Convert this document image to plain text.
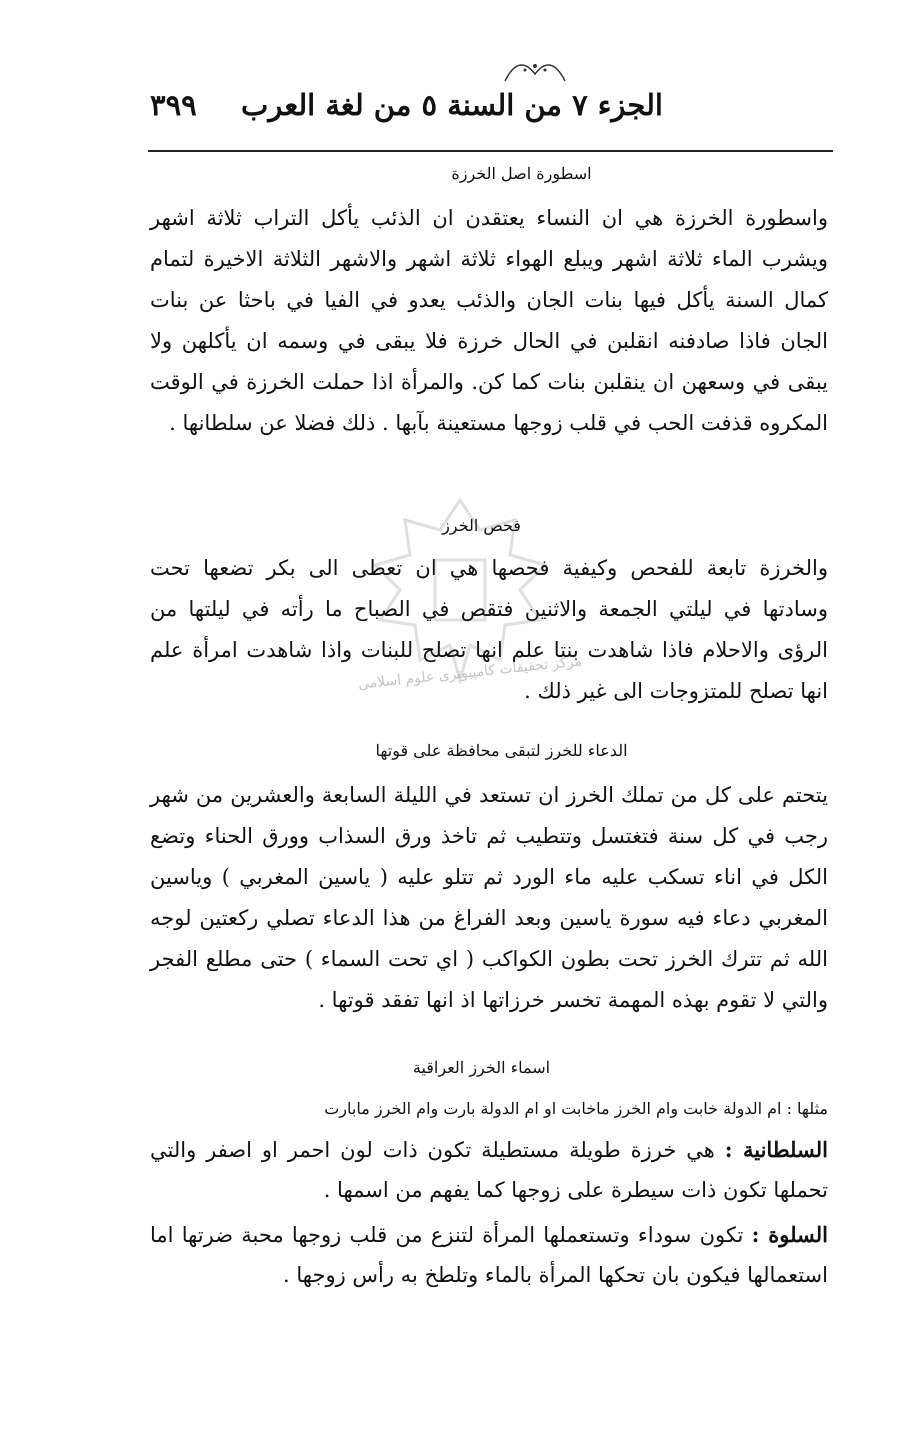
الجزء ٧ من السنة ٥ من لغة العرب
٣٩٩
اسطورة اصل الخرزة

واسطورة الخرزة هي ان النساء يعتقدن ان الذئب يأكل التراب ثلاثة اشهر ويشرب الماء ثلاثة اشهر ويبلع الهواء ثلاثة اشهر والاشهر الثلاثة الاخيرة لتمام كمال السنة يأكل فيها بنات الجان والذئب يعدو في الفيا في باحثا عن بنات الجان فاذا صادفنه انقلبن في الحال خرزة فلا يبقى في وسمه ان يأكلهن ولا يبقى في وسعهن ان ينقلبن بنات كما كن. والمرأة اذا حملت الخرزة في الوقت المكروه قذفت الحب في قلب زوجها مستعينة بآبها . ذلك فضلا عن سلطانها .

فحص الخرز

والخرزة تابعة للفحص وكيفية فحصها هي ان تعطى الى بكر تضعها تحت وسادتها في ليلتي الجمعة والاثنين فتقص في الصباح ما رأته في ليلتها من الرؤى والاحلام فاذا شاهدت بنتا علم انها تصلح للبنات واذا شاهدت امرأة علم انها تصلح للمتزوجات الى غير ذلك .

مركز تحقيقات كامپيوتری علوم اسلامی
الدعاء للخرز لتبقى محافظة على قوتها

يتحتم على كل من تملك الخرز ان تستعد في الليلة السابعة والعشرين من شهر رجب في كل سنة فتغتسل وتتطيب ثم تاخذ ورق السذاب وورق الحناء وتضع الكل في اناء تسكب عليه ماء الورد ثم تتلو عليه ( ياسين المغربي ) وياسين المغربي دعاء فيه سورة ياسين وبعد الفراغ من هذا الدعاء تصلي ركعتين لوجه الله ثم تترك الخرز تحت بطون الكواكب ( اي تحت السماء ) حتى مطلع الفجر والتي لا تقوم بهذه المهمة تخسر خرزاتها اذ انها تفقد قوتها .

اسماء الخرز العراقية
مثلها : ام الدولة خابت وام الخرز ماخابت او ام الدولة بارت وام الخرز مابارت
السلطانية : هي خرزة طويلة مستطيلة تكون ذات لون احمر او اصفر والتي تحملها تكون ذات سيطرة على زوجها كما يفهم من اسمها .
السلوة : تكون سوداء وتستعملها المرأة لتنزع من قلب زوجها محبة ضرتها اما استعمالها فيكون بان تحكها المرأة بالماء وتلطخ به رأس زوجها .
